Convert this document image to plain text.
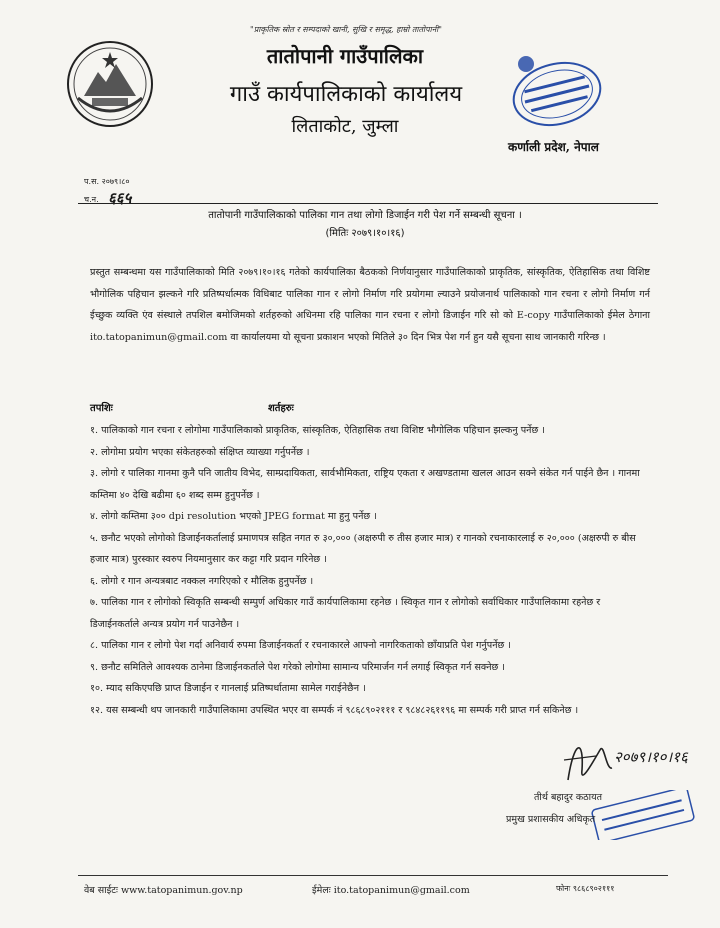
"प्राकृतिक स्रोत र सम्पदाको खानी, सुखि र समृद्ध, हाम्रो तातोपानी"
तातोपानी गाउँपालिका
गाउँ कार्यपालिकाको कार्यालय
लिताकोट, जुम्ला
कर्णाली प्रदेश, नेपाल
प.स. २०७९।८०
च.न. ६६५
तातोपानी गाउँपालिकाको पालिका गान तथा लोगो डिजाईन गरी पेश गर्ने सम्बन्धी सूचना ।
(मितिः २०७९।१०।१६)

प्रस्तुत सम्बन्धमा यस गाउँपालिकाको मिति २०७९।१०।१६ गतेको कार्यपालिका बैठकको निर्णयानुसार गाउँपालिकाको प्राकृतिक, सांस्कृतिक, ऐतिहासिक तथा विशिष्ट भौगोलिक पहिचान झल्कने गरि प्रतिष्पर्धात्मक विधिबाट पालिका गान र लोगो निर्माण गरि प्रयोगमा ल्याउने प्रयोजनार्थ पालिकाको गान रचना र लोगो निर्माण गर्न ईच्छुक व्यक्ति एंव संस्थाले तपशिल बमोजिमको शर्तहरुको अधिनमा रहि पालिका गान रचना र लोगो डिजाईन गरि सो को E-copy गाउँपालिकाको ईमेल ठेगाना ito.tatopanimun@gmail.com वा कार्यालयमा यो सूचना प्रकाशन भएको मितिले ३० दिन भित्र पेश गर्न हुन यसै सूचना साथ जानकारी गरिन्छ ।

तपशिः	शर्तहरुः
१. पालिकाको गान रचना र लोगोमा गाउँपालिकाको प्राकृतिक, सांस्कृतिक, ऐतिहासिक तथा विशिष्ट भौगोलिक पहिचान झल्कनु पर्नेछ ।
२. लोगोमा प्रयोग भएका संकेतहरुको संक्षिप्त व्याख्या गर्नुपर्नेछ ।
३. लोगो र पालिका गानमा कुनै पनि जातीय विभेद, साम्प्रदायिकता, सार्वभौमिकता, राष्ट्रिय एकता र अखण्डतामा खलल आउन सक्ने संकेत गर्न पाईने छैन । गानमा कम्तिमा ४० देखि बढीमा ६० शब्द सम्म हुनुपर्नेछ ।
४. लोगो कम्तिमा ३०० dpi resolution भएको JPEG format मा हुनु पर्नेछ ।
५. छनौट भएको लोगोको डिजाईनकर्तालाई प्रमाणपत्र सहित नगत रु ३०,००० (अक्षरुपी रु तीस हजार मात्र) र गानको रचनाकारलाई रु २०,००० (अक्षरुपी रु बीस हजार मात्र) पुरस्कार स्वरुप नियमानुसार कर कट्टा गरि प्रदान गरिनेछ ।
६. लोगो र गान अन्यत्रबाट नक्कल नगरिएको र मौलिक हुनुपर्नेछ ।
७. पालिका गान र लोगोको स्विकृति सम्बन्धी सम्पुर्ण अधिकार गाउँ कार्यपालिकामा रहनेछ । स्विकृत गान र लोगोको सर्वाधिकार गाउँपालिकामा रहनेछ र डिजाईनकर्ताले अन्यत्र प्रयोग गर्न पाउनेछैन ।
८. पालिका गान र लोगो पेश गर्दा अनिवार्य रुपमा डिजाईनकर्ता र रचनाकारले आफ्नो नागरिकताको छाँयाप्रति पेश गर्नुपर्नेछ ।
९. छनौट समितिले आवश्यक ठानेमा डिजाईनकर्ताले पेश गरेको लोगोमा सामान्य परिमार्जन गर्न लगाई स्विकृत गर्न सक्नेछ ।
१०. म्याद सकिएपछि प्राप्त डिजाईन र गानलाई प्रतिष्पर्धातामा सामेल गराईनेछैन ।
१२. यस सम्बन्धी थप जानकारी गाउँपालिकामा उपस्थित भएर वा सम्पर्क नं ९८६८९०२१११ र ९८४८२६११९६ मा सम्पर्क गरी प्राप्त गर्न सकिनेछ ।
२०७९।१०।१६
तीर्थ बहादुर कठायत
प्रमुख प्रशासकीय अधिकृत
वेब साईटः www.tatopanimun.gov.np	ईमेलः ito.tatopanimun@gmail.com	फोनः ९८६८९०२१११
